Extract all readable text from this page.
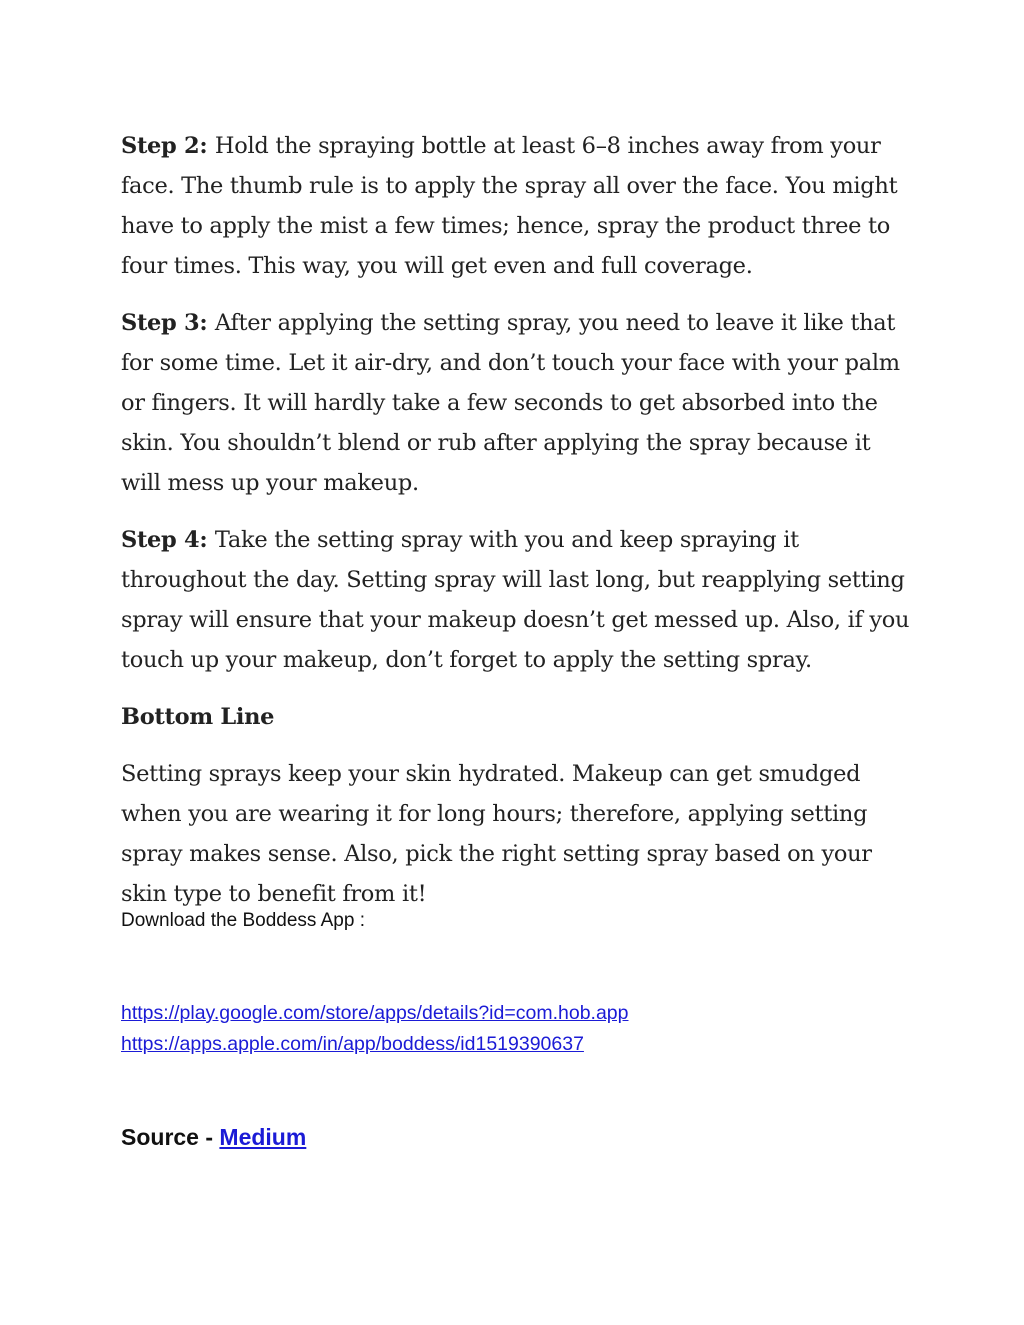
Step 2: Hold the spraying bottle at least 6–8 inches away from your face. The thumb rule is to apply the spray all over the face. You might have to apply the mist a few times; hence, spray the product three to four times. This way, you will get even and full coverage.

Step 3: After applying the setting spray, you need to leave it like that for some time. Let it air-dry, and don’t touch your face with your palm or fingers. It will hardly take a few seconds to get absorbed into the skin. You shouldn’t blend or rub after applying the spray because it will mess up your makeup.

Step 4: Take the setting spray with you and keep spraying it throughout the day. Setting spray will last long, but reapplying setting spray will ensure that your makeup doesn’t get messed up. Also, if you touch up your makeup, don’t forget to apply the setting spray.

Bottom Line

Setting sprays keep your skin hydrated. Makeup can get smudged when you are wearing it for long hours; therefore, applying setting spray makes sense. Also, pick the right setting spray based on your skin type to benefit from it!

Download the Boddess App :

https://play.google.com/store/apps/details?id=com.hob.app
https://apps.apple.com/in/app/boddess/id1519390637
Source - Medium
